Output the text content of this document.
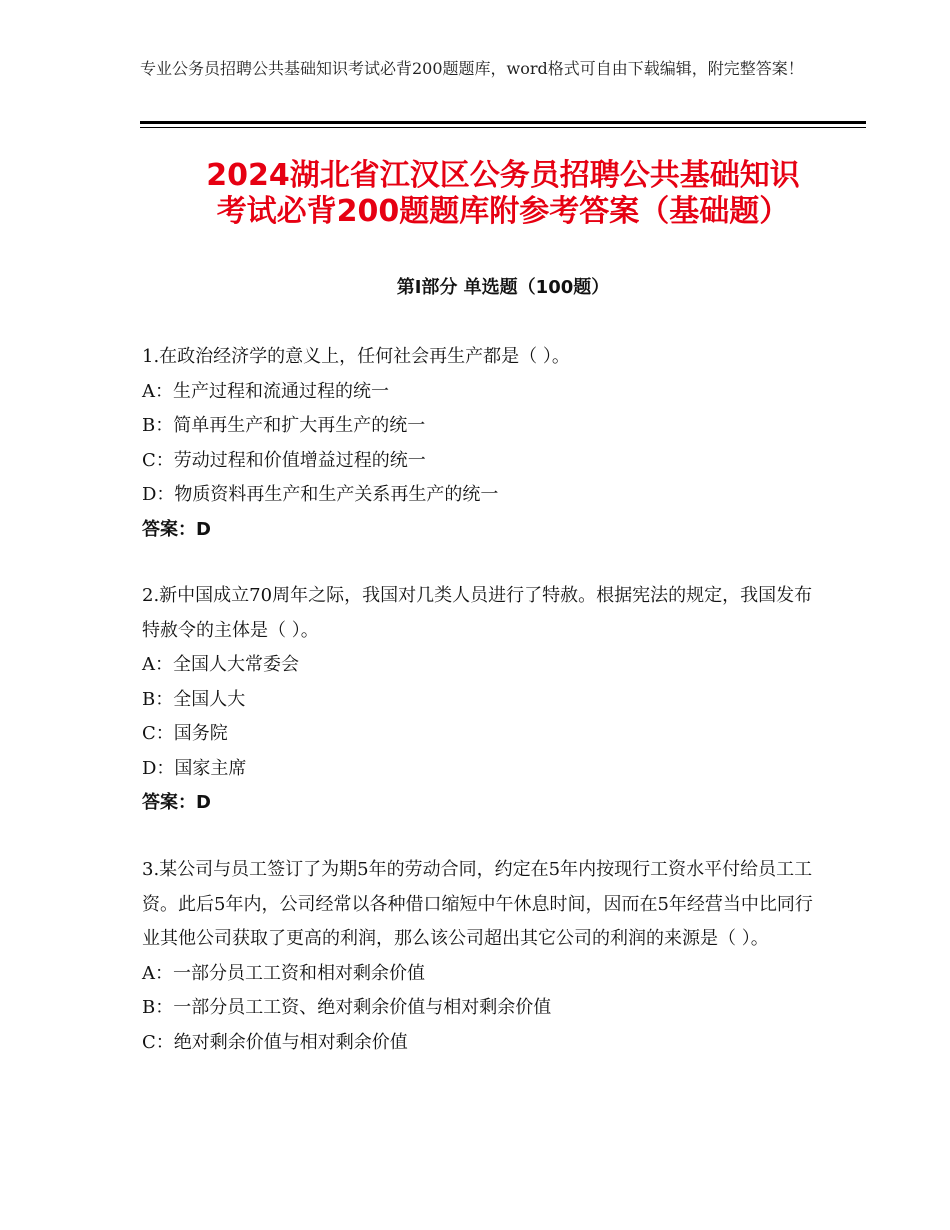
专业公务员招聘公共基础知识考试必背200题题库，word格式可自由下载编辑，附完整答案！
2024湖北省江汉区公务员招聘公共基础知识
考试必背200题题库附参考答案（基础题）
第Ⅰ部分 单选题（100题）

1.在政治经济学的意义上，任何社会再生产都是（ ）。

A：生产过程和流通过程的统一

B：简单再生产和扩大再生产的统一

C：劳动过程和价值增益过程的统一

D：物质资料再生产和生产关系再生产的统一

答案：D

2.新中国成立70周年之际，我国对几类人员进行了特赦。根据宪法的规定，我国发布特赦令的主体是（ ）。

A：全国人大常委会

B：全国人大

C：国务院

D：国家主席

答案：D

3.某公司与员工签订了为期5年的劳动合同，约定在5年内按现行工资水平付给员工工资。此后5年内，公司经常以各种借口缩短中午休息时间，因而在5年经营当中比同行业其他公司获取了更高的利润，那么该公司超出其它公司的利润的来源是（ ）。

A：一部分员工工资和相对剩余价值

B：一部分员工工资、绝对剩余价值与相对剩余价值

C：绝对剩余价值与相对剩余价值
